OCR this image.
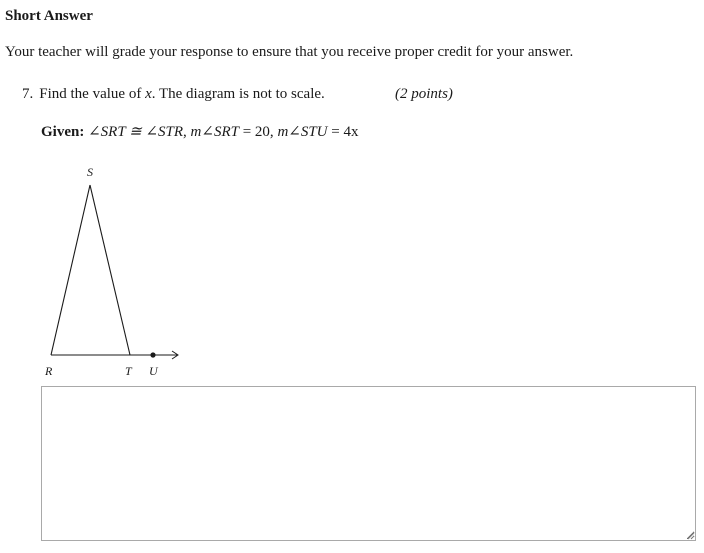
Short Answer
Your teacher will grade your response to ensure that you receive proper credit for your answer.
7. Find the value of x. The diagram is not to scale.	(2 points)
Given: ∠SRT ≅ ∠STR, m∠SRT = 20, m∠STU = 4x
S
R	T U
